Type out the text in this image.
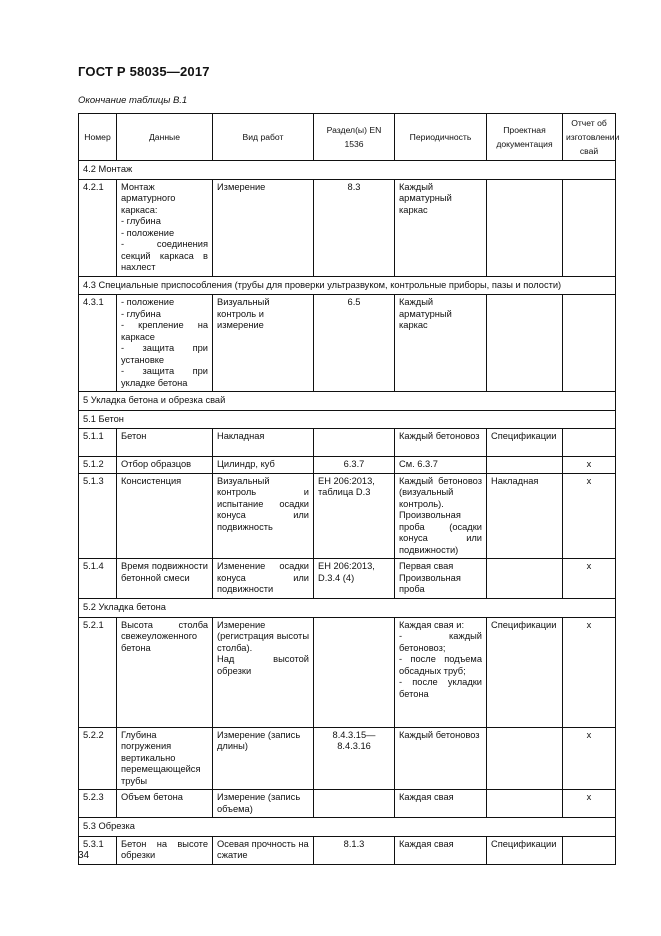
ГОСТ Р 58035—2017
Окончание таблицы В.1
Номер	Данные	Вид работ	Раздел(ы) EN 1536	Периодичность	Проектная документация	Отчет об изготовлении свай
4.2 Монтаж						
4.2.1	Монтаж арматурного каркаса:
- глубина
- положение
- соединения секций каркаса в нахлест	Измерение	8.3	Каждый арматурный каркас		
4.3 Специальные приспособления (трубы для проверки ультразвуком, контрольные приборы, пазы и полости)						
4.3.1	- положение
- глубина
- крепление на каркасе
- защита при установке
- защита при укладке бетона	Визуальный контроль и измерение	6.5	Каждый арматурный каркас		
5 Укладка бетона и обрезка свай						
5.1 Бетон						
5.1.1	Бетон	Накладная		Каждый бетоновоз	Спецификации	
5.1.2	Отбор образцов	Цилиндр, куб	6.3.7	См. 6.3.7		x
5.1.3	Консистенция	Визуальный контроль и испытание осадки конуса или подвижность	ЕН 206:2013, таблица D.3	Каждый бетоновоз (визуальный контроль).
Произвольная проба (осадки конуса или подвижности)	Накладная	x
5.1.4	Время подвижности бетонной смеси	Изменение осадки конуса или подвижности	ЕН 206:2013, D.3.4 (4)	Первая свая
Произвольная проба		x
5.2 Укладка бетона						
5.2.1	Высота столба свежеуложенного бетона	Измерение (регистрация высоты столба).
Над высотой обрезки		Каждая свая и:
- каждый бетоновоз;
- после подъема обсадных труб;
- после укладки бетона	Спецификации	x
5.2.2	Глубина погружения вертикально перемещающейся трубы	Измерение (запись длины)	8.4.3.15—8.4.3.16	Каждый бетоновоз		x
5.2.3	Объем бетона	Измерение (запись объема)		Каждая свая		x
5.3 Обрезка						
5.3.1	Бетон на высоте обрезки	Осевая прочность на сжатие	8.1.3	Каждая свая	Спецификации	
34
